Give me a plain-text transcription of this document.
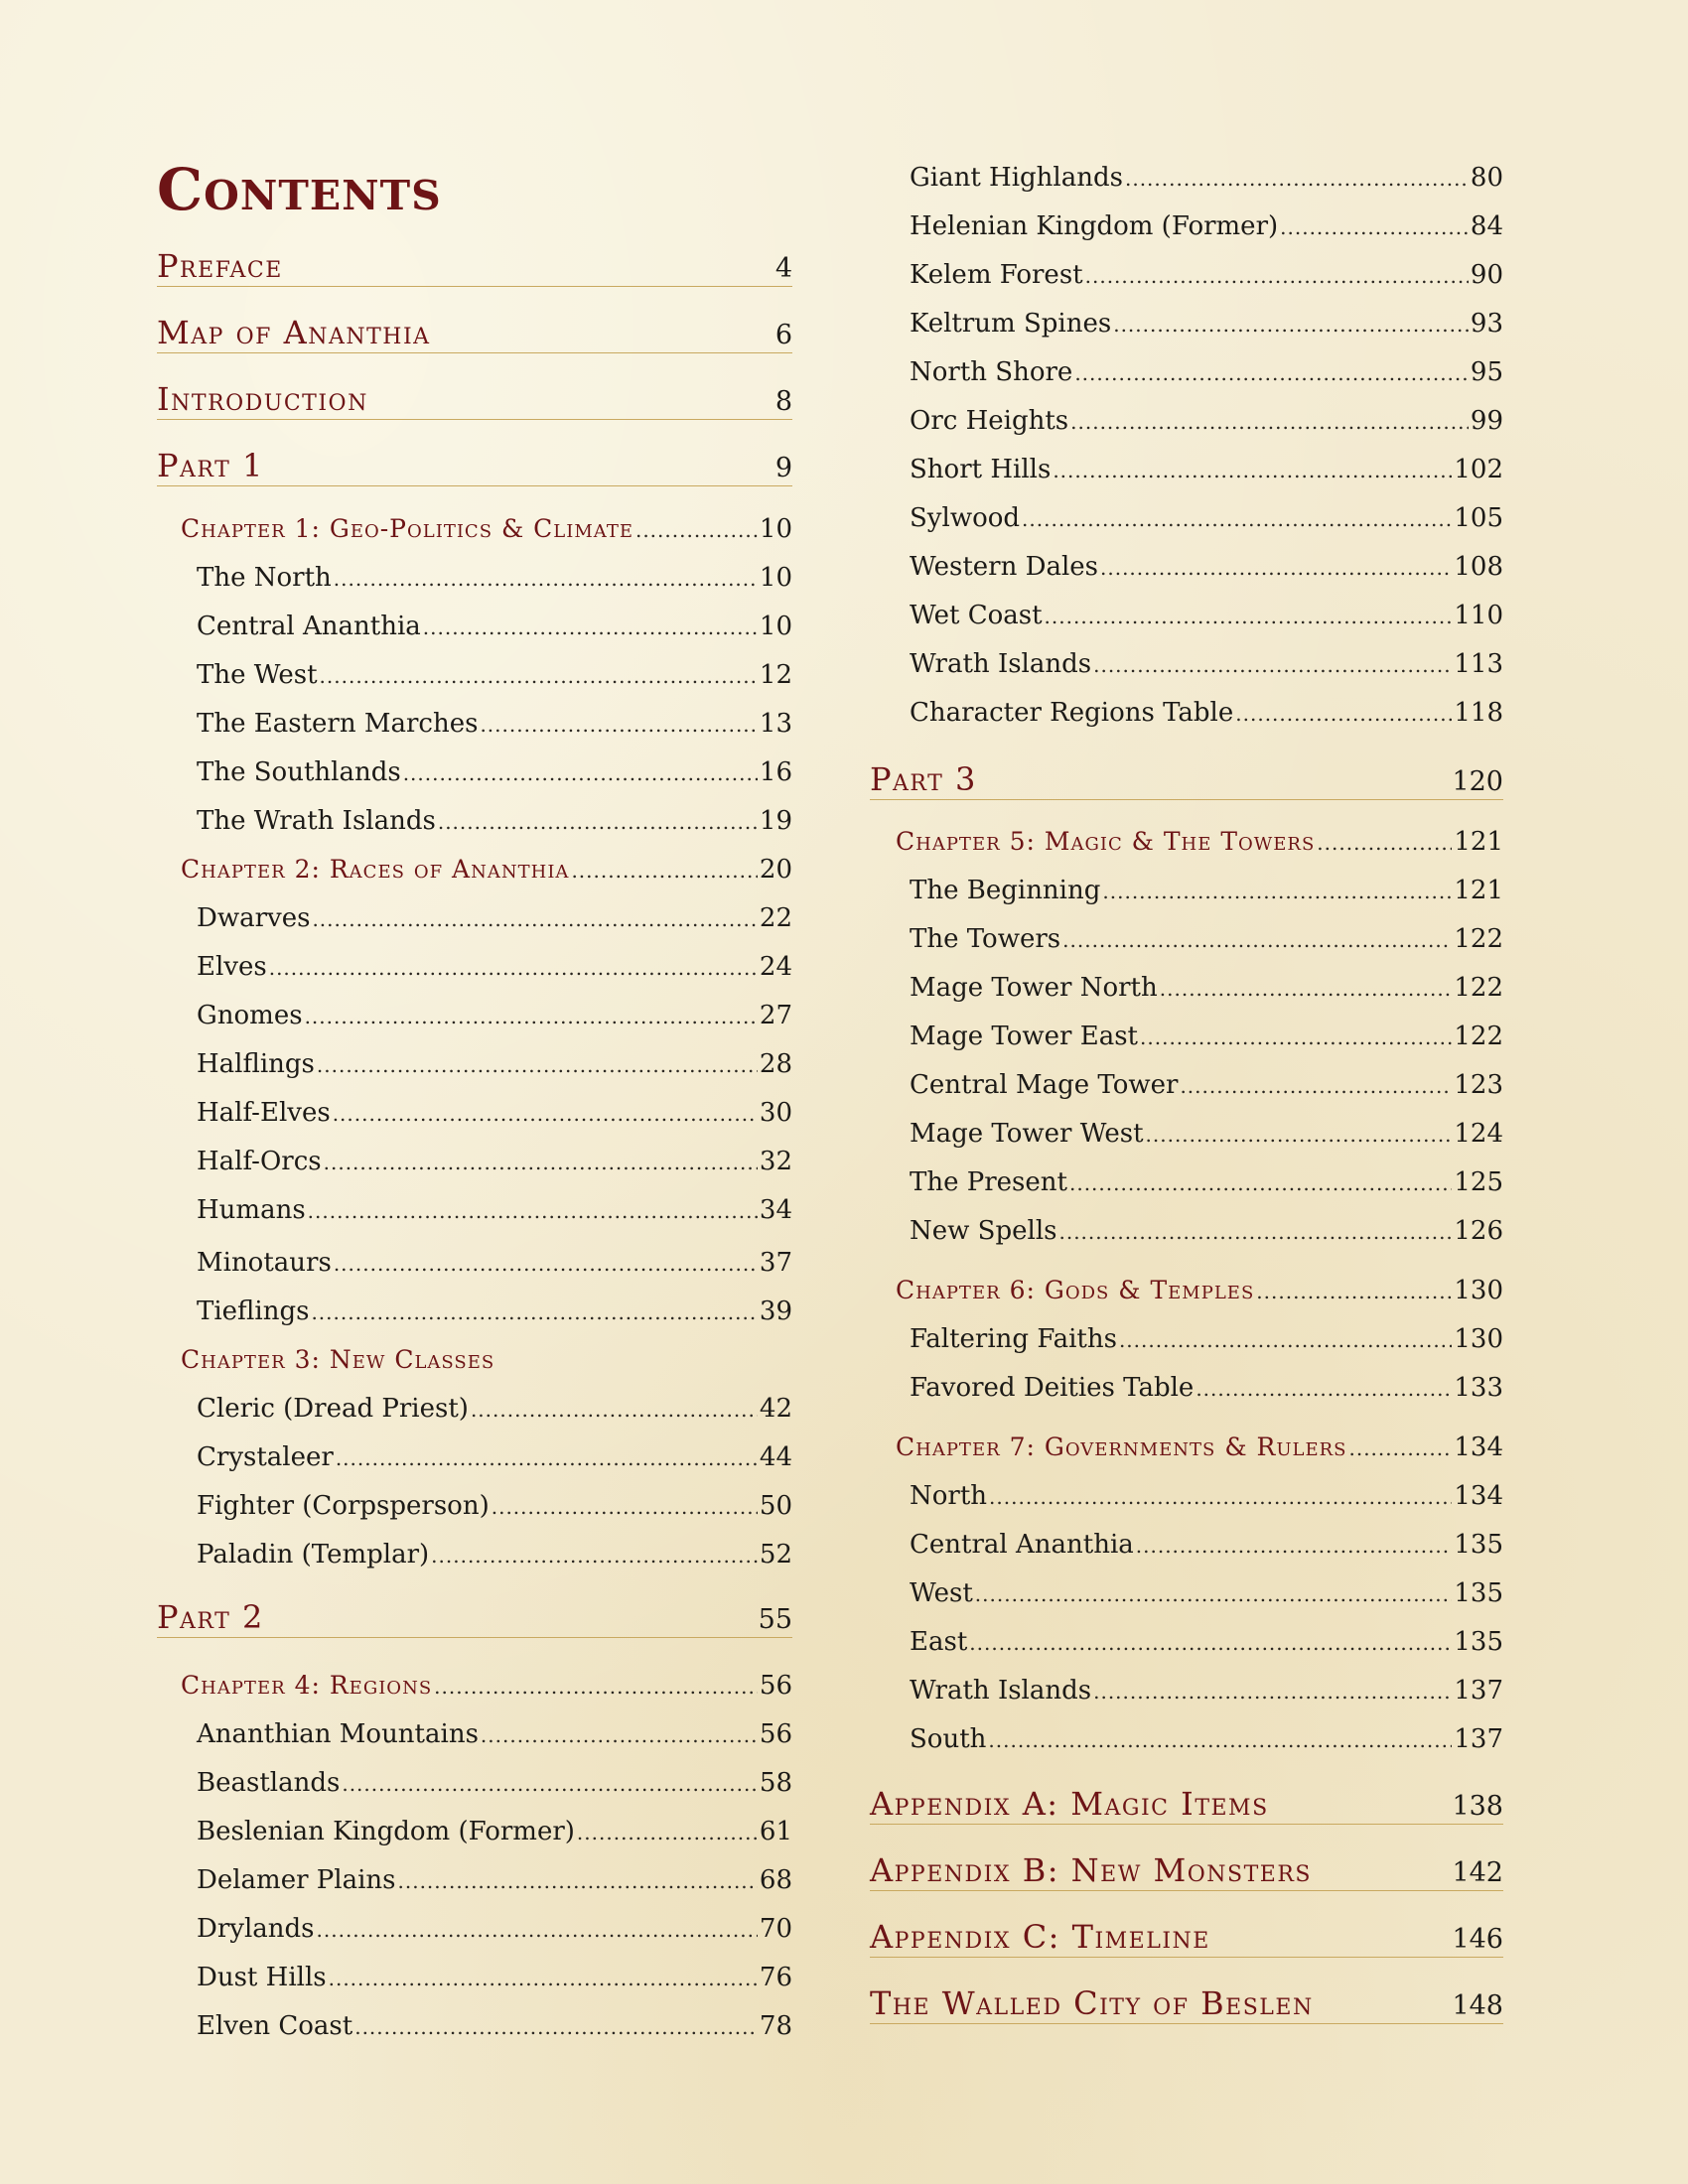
Contents
Preface	4
Map of Ananthia	6
Introduction	8
Part 1	9
Chapter 1: Geo-Politics & Climate .....	10
The North .....	10
Central Ananthia .....	10
The West .....	12
The Eastern Marches .....	13
The Southlands .....	16
The Wrath Islands .....	19
Chapter 2: Races of Ananthia .....	20
Dwarves .....	22
Elves .....	24
Gnomes .....	27
Halflings .....	28
Half-Elves .....	30
Half-Orcs .....	32
Humans .....	34
Minotaurs .....	37
Tieflings .....	39
Chapter 3: New Classes
Cleric (Dread Priest) .....	42
Crystaleer .....	44
Fighter (Corpsperson) .....	50
Paladin (Templar) .....	52
Part 2	55
Chapter 4: Regions .....	56
Ananthian Mountains .....	56
Beastlands .....	58
Beslenian Kingdom (Former) .....	61
Delamer Plains .....	68
Drylands .....	70
Dust Hills .....	76
Elven Coast .....	78
Giant Highlands .....	80
Helenian Kingdom (Former) .....	84
Kelem Forest .....	90
Keltrum Spines .....	93
North Shore .....	95
Orc Heights .....	99
Short Hills .....	102
Sylwood .....	105
Western Dales .....	108
Wet Coast .....	110
Wrath Islands .....	113
Character Regions Table .....	118
Part 3	120
Chapter 5: Magic & The Towers .....	121
The Beginning .....	121
The Towers .....	122
Mage Tower North .....	122
Mage Tower East .....	122
Central Mage Tower .....	123
Mage Tower West .....	124
The Present .....	125
New Spells .....	126
Chapter 6: Gods & Temples .....	130
Faltering Faiths .....	130
Favored Deities Table .....	133
Chapter 7: Governments & Rulers .....	134
North .....	134
Central Ananthia .....	135
West .....	135
East .....	135
Wrath Islands .....	137
South .....	137
Appendix A: Magic Items	138
Appendix B: New Monsters	142
Appendix C: Timeline	146
The Walled City of Beslen	148
